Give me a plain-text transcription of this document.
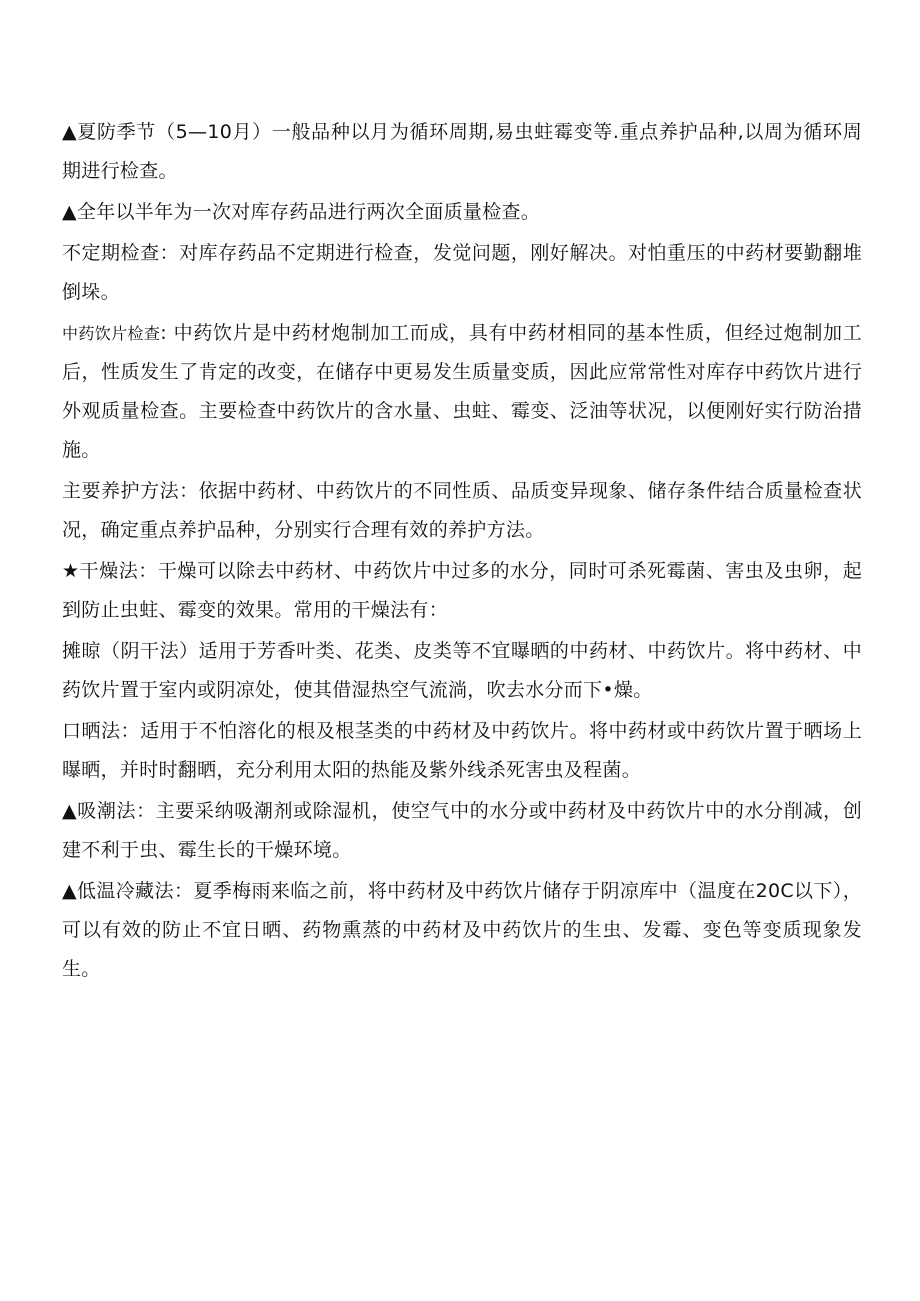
▲夏防季节（5—10月）一般品种以月为循环周期,易虫蛀霉变等.重点养护品种,以周为循环周期进行检查。

▲全年以半年为一次对库存药品进行两次全面质量检查。

不定期检查：对库存药品不定期进行检查，发觉问题，刚好解决。对怕重压的中药材要勤翻堆倒垛。

中药饮片检查: 中药饮片是中药材炮制加工而成，具有中药材相同的基本性质，但经过炮制加工后，性质发生了肯定的改变，在储存中更易发生质量变质，因此应常常性对库存中药饮片进行外观质量检查。主要检查中药饮片的含水量、虫蛀、霉变、泛油等状况，以便刚好实行防治措施。

主要养护方法：依据中药材、中药饮片的不同性质、品质变异现象、储存条件结合质量检查状况，确定重点养护品种，分别实行合理有效的养护方法。

★干燥法：干燥可以除去中药材、中药饮片中过多的水分，同时可杀死霉菌、害虫及虫卵，起到防止虫蛀、霉变的效果。常用的干燥法有：

摊晾（阴干法）适用于芳香叶类、花类、皮类等不宜曝晒的中药材、中药饮片。将中药材、中药饮片置于室内或阴凉处，使其借湿热空气流淌，吹去水分而下•燥。

口晒法：适用于不怕溶化的根及根茎类的中药材及中药饮片。将中药材或中药饮片置于晒场上曝晒，并时时翻晒，充分利用太阳的热能及紫外线杀死害虫及程菌。

▲吸潮法：主要采纳吸潮剂或除湿机，使空气中的水分或中药材及中药饮片中的水分削减，创建不利于虫、霉生长的干燥环境。

▲低温冷藏法：夏季梅雨来临之前，将中药材及中药饮片储存于阴凉库中（温度在20C以下），可以有效的防止不宜日晒、药物熏蒸的中药材及中药饮片的生虫、发霉、变色等变质现象发生。
